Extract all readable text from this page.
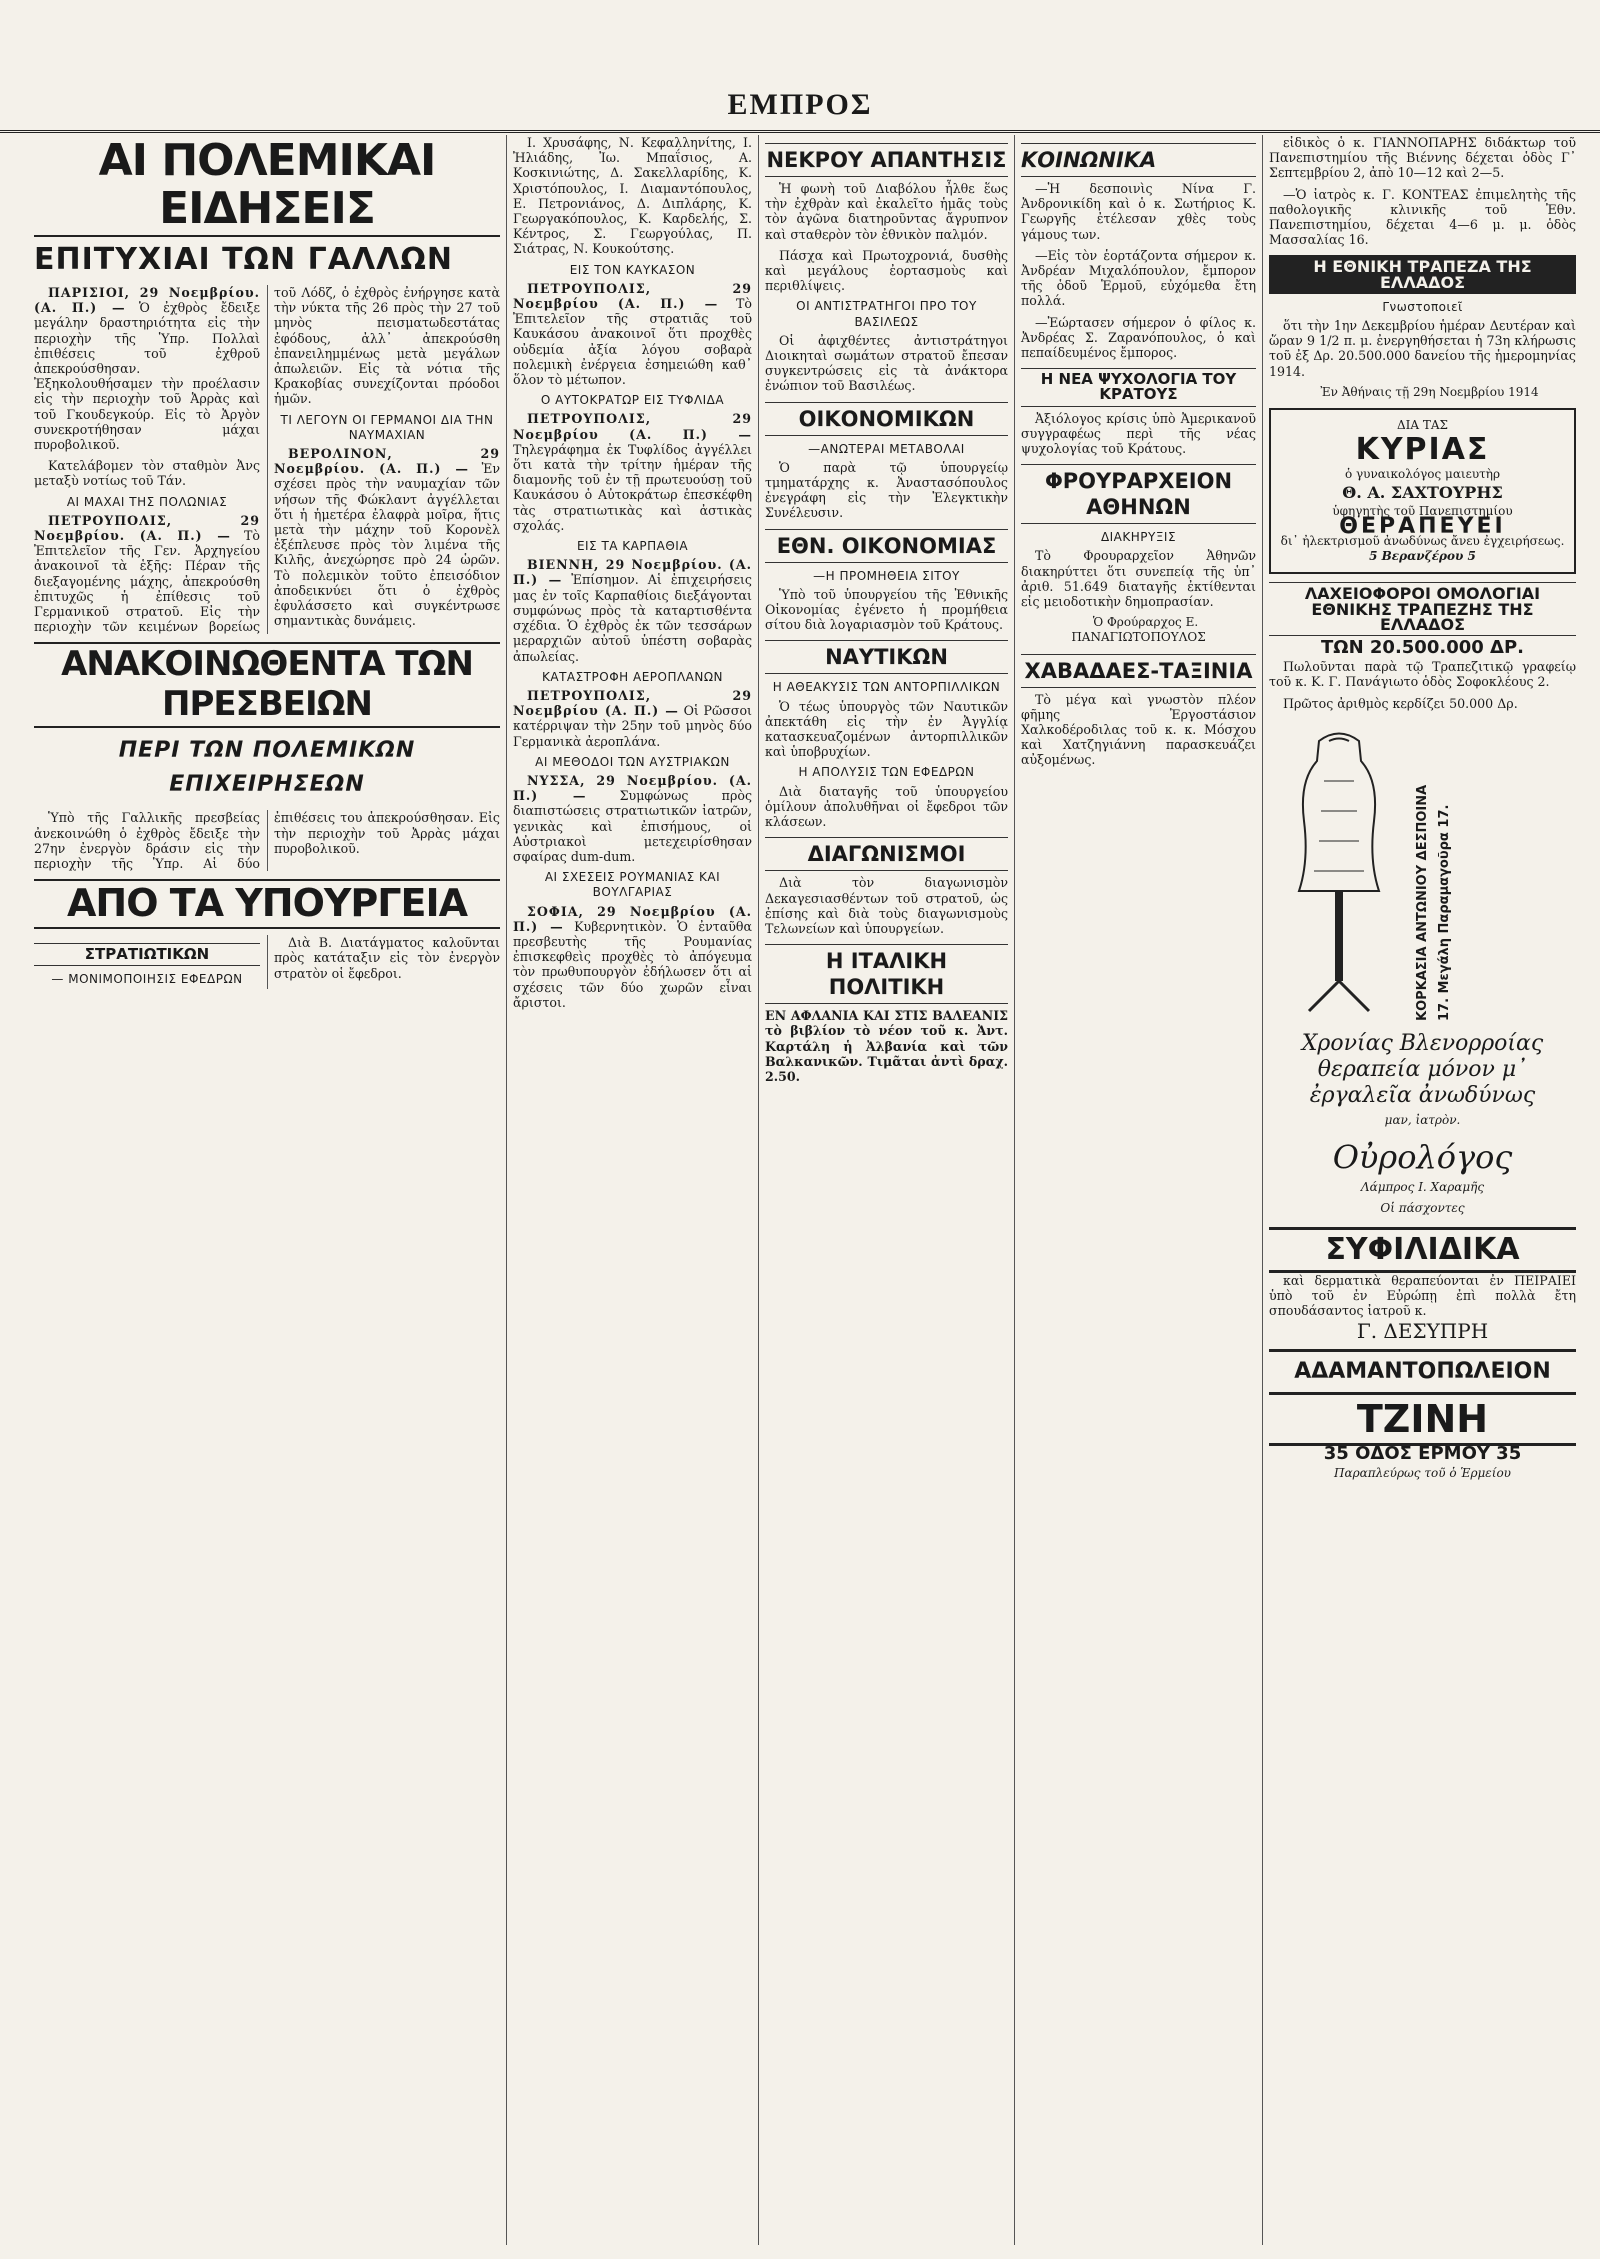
ΕΜΠΡΟΣ
ΑΙ ΠΟΛΕΜΙΚΑΙ ΕΙΔΗΣΕΙΣ
ΕΠΙΤΥΧΙΑΙ ΤΩΝ ΓΑΛΛΩΝ

ΠΑΡΙΣΙΟΙ, 29 Νοεμβρίου. (Α. Π.) — Ὁ ἐχθρὸς ἔδειξε μεγάλην δραστηριότητα εἰς τὴν περιοχὴν τῆς Ὑπρ. Πολλαὶ ἐπιθέσεις τοῦ ἐχθροῦ ἀπεκρούσθησαν. Ἐξηκολουθήσαμεν τὴν προέλασιν εἰς τὴν περιοχὴν τοῦ Ἀρρὰς καὶ τοῦ Γκουδεγκούρ. Εἰς τὸ Ἀργὸν συνεκροτήθησαν μάχαι πυροβολικοῦ.

Κατελάβομεν τὸν σταθμὸν Ἀνς μεταξὺ νοτίως τοῦ Τάν.

ΑΙ ΜΑΧΑΙ ΤΗΣ ΠΟΛΩΝΙΑΣ

ΠΕΤΡΟΥΠΟΛΙΣ, 29 Νοεμβρίου. (Α. Π.) — Τὸ Ἐπιτελεῖον τῆς Γεν. Ἀρχηγείου ἀνακοινοῖ τὰ ἑξῆς: Πέραν τῆς διεξαγομένης μάχης, ἀπεκρούσθη ἐπιτυχῶς ἡ ἐπίθεσις τοῦ Γερμανικοῦ στρατοῦ. Εἰς τὴν περιοχὴν τῶν κειμένων βορείως τοῦ Λόδζ, ὁ ἐχθρὸς ἐνήργησε κατὰ τὴν νύκτα τῆς 26 πρὸς τὴν 27 τοῦ μηνὸς πεισματωδεστάτας ἐφόδους, ἀλλ᾽ ἀπεκρούσθη ἐπανειλημμένως μετὰ μεγάλων ἀπωλειῶν. Εἰς τὰ νότια τῆς Κρακοβίας συνεχίζονται πρόοδοι ἡμῶν.

ΤΙ ΛΕΓΟΥΝ ΟΙ ΓΕΡΜΑΝΟΙ ΔΙΑ ΤΗΝ ΝΑΥΜΑΧΙΑΝ

ΒΕΡΟΛΙΝΟΝ, 29 Νοεμβρίου. (Α. Π.) — Ἐν σχέσει πρὸς τὴν ναυμαχίαν τῶν νήσων τῆς Φώκλαντ ἀγγέλλεται ὅτι ἡ ἡμετέρα ἐλαφρὰ μοῖρα, ἥτις μετὰ τὴν μάχην τοῦ Κορονὲλ ἐξέπλευσε πρὸς τὸν λιμένα τῆς Κιλῆς, ἀνεχώρησε πρὸ 24 ὡρῶν. Τὸ πολεμικὸν τοῦτο ἐπεισόδιον ἀποδεικνύει ὅτι ὁ ἐχθρὸς ἐφυλάσσετο καὶ συγκέντρωσε σημαντικὰς δυνάμεις.

ΑΝΑΚΟΙΝΩΘΕΝΤΑ ΤΩΝ ΠΡΕΣΒΕΙΩΝ
ΠΕΡΙ ΤΩΝ ΠΟΛΕΜΙΚΩΝ ΕΠΙΧΕΙΡΗΣΕΩΝ

Ὑπὸ τῆς Γαλλικῆς πρεσβείας ἀνεκοινώθη ὁ ἐχθρὸς ἔδειξε τὴν 27ην ἐνεργὸν δράσιν εἰς τὴν περιοχὴν τῆς Ὑπρ. Αἱ δύο ἐπιθέσεις του ἀπεκρούσθησαν. Εἰς τὴν περιοχὴν τοῦ Ἀρρὰς μάχαι πυροβολικοῦ.

ΑΠΟ ΤΑ ΥΠΟΥΡΓΕΙΑ
ΣΤΡΑΤΙΩΤΙΚΩΝ
— ΜΟΝΙΜΟΠΟΙΗΣΙΣ ΕΦΕΔΡΩΝ

Διὰ Β. Διατάγματος καλοῦνται πρὸς κατάταξιν εἰς τὸν ἐνεργὸν στρατὸν οἱ ἔφεδροι.

Ι. Χρυσάφης, Ν. Κεφαλληνίτης, Ι. Ἠλιάδης, Ἰω. Μπαΐσιος, Α. Κοσκινιώτης, Δ. Σακελλαρίδης, Κ. Χριστόπουλος, Ι. Διαμαντόπουλος, Ε. Πετρονιάνος, Δ. Διπλάρης, Κ. Γεωργακόπουλος, Κ. Καρδελής, Σ. Κέντρος, Σ. Γεωργούλας, Π. Σιάτρας, Ν. Κουκούτσης.

ΕΙΣ ΤΟΝ ΚΑΥΚΑΣΟΝ

ΠΕΤΡΟΥΠΟΛΙΣ, 29 Νοεμβρίου (Α. Π.) — Τὸ Ἐπιτελεῖον τῆς στρατιᾶς τοῦ Καυκάσου ἀνακοινοῖ ὅτι προχθὲς οὐδεμία ἀξία λόγου σοβαρὰ πολεμικὴ ἐνέργεια ἐσημειώθη καθ᾽ ὅλον τὸ μέτωπον.

Ο ΑΥΤΟΚΡΑΤΩΡ ΕΙΣ ΤΥΦΛΙΔΑ

ΠΕΤΡΟΥΠΟΛΙΣ, 29 Νοεμβρίου (Α. Π.) — Τηλεγράφημα ἐκ Τυφλίδος ἀγγέλλει ὅτι κατὰ τὴν τρίτην ἡμέραν τῆς διαμονῆς τοῦ ἐν τῇ πρωτευούσῃ τοῦ Καυκάσου ὁ Αὐτοκράτωρ ἐπεσκέφθη τὰς στρατιωτικὰς καὶ ἀστικὰς σχολάς.

ΕΙΣ ΤΑ ΚΑΡΠΑΘΙΑ

ΒΙΕΝΝΗ, 29 Νοεμβρίου. (Α. Π.) — Ἐπίσημον. Αἱ ἐπιχειρήσεις μας ἐν τοῖς Καρπαθίοις διεξάγονται συμφώνως πρὸς τὰ καταρτισθέντα σχέδια. Ὁ ἐχθρὸς ἐκ τῶν τεσσάρων μεραρχιῶν αὐτοῦ ὑπέστη σοβαρὰς ἀπωλείας.

ΚΑΤΑΣΤΡΟΦΗ ΑΕΡΟΠΛΑΝΩΝ

ΠΕΤΡΟΥΠΟΛΙΣ, 29 Νοεμβρίου (Α. Π.) — Οἱ Ρῶσσοι κατέρριψαν τὴν 25ην τοῦ μηνὸς δύο Γερμανικὰ ἀεροπλάνα.

ΑΙ ΜΕΘΟΔΟΙ ΤΩΝ ΑΥΣΤΡΙΑΚΩΝ

ΝΥΣΣΑ, 29 Νοεμβρίου. (Α. Π.) —	Συμφώνως πρὸς διαπιστώσεις στρατιωτικῶν ἰατρῶν, γενικὰς καὶ ἐπισήμους, οἱ Αὐστριακοὶ μετεχειρίσθησαν σφαίρας dum-dum.

ΑΙ ΣΧΕΣΕΙΣ ΡΟΥΜΑΝΙΑΣ ΚΑΙ ΒΟΥΛΓΑΡΙΑΣ

ΣΟΦΙΑ, 29 Νοεμβρίου (Α. Π.) — Κυβερνητικὸν. Ὁ ἐνταῦθα πρεσβευτὴς τῆς Ρουμανίας ἐπισκεφθεὶς προχθὲς τὸ ἀπόγευμα τὸν πρωθυπουργὸν ἐδήλωσεν ὅτι αἱ σχέσεις τῶν δύο χωρῶν εἶναι ἄριστοι.

ΝΕΚΡΟΥ ΑΠΑΝΤΗΣΙΣ

Ἡ φωνὴ τοῦ Διαβόλου ἦλθε ἕως τὴν ἐχθρὰν καὶ ἐκαλεῖτο ἡμᾶς τοὺς τὸν ἀγῶνα διατηροῦντας ἄγρυπνον καὶ σταθερὸν τὸν ἐθνικὸν παλμόν.

Πάσχα καὶ Πρωτοχρονιά, δυσθὴς καὶ μεγάλους ἐορτασμοὺς καὶ περιθλίψεις.

ΟΙ ΑΝΤΙΣΤΡΑΤΗΓΟΙ ΠΡΟ ΤΟΥ ΒΑΣΙΛΕΩΣ

Οἱ ἀφιχθέντες ἀντιστράτηγοι Διοικηταὶ σωμάτων στρατοῦ ἔπεσαν συγκεντρώσεις εἰς τὰ ἀνάκτορα ἐνώπιον τοῦ Βασιλέως.

ΟΙΚΟΝΟΜΙΚΩΝ
—ΑΝΩΤΕΡΑΙ ΜΕΤΑΒΟΛΑΙ

Ὁ παρὰ τῷ ὑπουργείῳ τμηματάρχης κ. Ἀναστασόπουλος ἐνεγράφη εἰς τὴν Ἐλεγκτικὴν Συνέλευσιν.

ΕΘΝ. ΟΙΚΟΝΟΜΙΑΣ
—Η ΠΡΟΜΗΘΕΙΑ ΣΙΤΟΥ

Ὑπὸ τοῦ ὑπουργείου τῆς Ἐθνικῆς Οἰκονομίας ἐγένετο ἡ προμήθεια σίτου διὰ λογαριασμὸν τοῦ Κράτους.

ΝΑΥΤΙΚΩΝ
Η ΑΘΕΑΚΥΣΙΣ ΤΩΝ ΑΝΤΟΡΠΙΛΛΙΚΩΝ

Ὁ τέως ὑπουργὸς τῶν Ναυτικῶν ἀπεκτάθη εἰς τὴν ἐν Ἀγγλίᾳ κατασκευαζομένων ἀντορπιλλικῶν καὶ ὑποβρυχίων.

Η ΑΠΟΛΥΣΙΣ ΤΩΝ ΕΦΕΔΡΩΝ

Διὰ διαταγῆς τοῦ ὑπουργείου ὁμίλουν ἀπολυθῆναι οἱ ἔφεδροι τῶν κλάσεων.

ΔΙΑΓΩΝΙΣΜΟΙ

Διὰ τὸν διαγωνισμὸν Δεκαγεσιασθέντων τοῦ στρατοῦ, ὡς ἐπίσης καὶ διὰ τοὺς διαγωνισμοὺς Τελωνείων καὶ ὑπουργείων.

Η ΙΤΑΛΙΚΗ ΠΟΛΙΤΙΚΗ

ΕΝ ΑΦΛΑΝΙΑ ΚΑΙ ΣΤΙΣ ΒΑΛΕΑΝΙΣ τὸ βιβλίον τὸ νέον τοῦ κ. Ἀντ. Καρτάλη ἡ Ἀλβανία καὶ τῶν Βαλκανικῶν. Τιμᾶται ἀντὶ δραχ. 2.50.

ΚΟΙΝΩΝΙΚΑ

—Ἡ δεσποινὶς Νίνα Γ. Ἀνδρονικίδη καὶ ὁ κ. Σωτήριος Κ. Γεωργῆς ἐτέλεσαν χθὲς τοὺς γάμους των.

—Εἰς τὸν ἑορτάζοντα σήμερον κ. Ἀνδρέαν Μιχαλόπουλον, ἔμπορον τῆς ὁδοῦ Ἑρμοῦ, εὐχόμεθα ἔτη πολλά.

—Ἐώρτασεν σήμερον ὁ φίλος κ. Ἀνδρέας Σ. Ζαρανόπουλος, ὁ καὶ πεπαίδευμένος ἔμπορος.

Η ΝΕΑ ΨΥΧΟΛΟΓΙΑ ΤΟΥ ΚΡΑΤΟΥΣ

Ἀξιόλογος κρίσις ὑπὸ Ἀμερικανοῦ συγγραφέως περὶ τῆς νέας ψυχολογίας τοῦ Κράτους.

ΦΡΟΥΡΑΡΧΕΙΟΝ ΑΘΗΝΩΝ
ΔΙΑΚΗΡΥΞΙΣ

Τὸ Φρουραρχεῖον Ἀθηνῶν διακηρύττει ὅτι συνεπείᾳ τῆς ὑπ᾽ ἀριθ. 51.649 διαταγῆς ἐκτίθενται εἰς μειοδοτικὴν δημοπρασίαν.

Ὁ Φρούραρχος Ε. ΠΑΝΑΓΙΩΤΟΠΟΥΛΟΣ

ΧΑΒΑΔΑΕΣ-ΤΑΞΙΝΙΑ

Τὸ μέγα καὶ γνωστὸν πλέον φῆμης Ἐργοστάσιον Χαλκοδέροδιλας τοῦ κ. κ. Μόσχου καὶ Χατζηγιάννη παρασκευάζει αὐξομένως.

εἰδικὸς ὁ κ. ΓΙΑΝΝΟΠΑΡΗΣ διδάκτωρ τοῦ Πανεπιστημίου τῆς Βιέννης δέχεται ὁδὸς Γ᾽ Σεπτεμβρίου 2, ἀπὸ 10—12 καὶ 2—5.

—Ὁ ἰατρὸς κ. Γ. ΚΟΝΤΕΑΣ ἐπιμελητὴς τῆς παθολογικῆς κλινικῆς τοῦ Ἐθν. Πανεπιστημίου, δέχεται 4—6 μ. μ. ὁδὸς Μασσαλίας 16.

Η ΕΘΝΙΚΗ ΤΡΑΠΕΖΑ ΤΗΣ ΕΛΛΑΔΟΣ
Γνωστοποιεῖ

ὅτι τὴν 1ην Δεκεμβρίου ἡμέραν Δευτέραν καὶ ὥραν 9 1/2 π. μ. ἐνεργηθήσεται ἡ 73η κλήρωσις τοῦ ἐξ Δρ. 20.500.000 δανείου τῆς ἡμερομηνίας 1914.

Ἐν Ἀθήναις τῇ 29η Νοεμβρίου 1914

ΔΙΑ ΤΑΣ
ΚΥΡΙΑΣ
ὁ γυναικολόγος μαιευτὴρ
Θ. Α. ΣΑΧΤΟΥΡΗΣ
ὑφηγητὴς τοῦ Πανεπιστημίου
ΘΕΡΑΠΕΥΕΙ
δι᾽ ἠλεκτρισμοῦ ἀνωδύνως ἄνευ ἐγχειρήσεως.
5 Βερανζέρου 5
ΛΑΧΕΙΟΦΟΡΟΙ ΟΜΟΛΟΓΙΑΙ ΕΘΝΙΚΗΣ ΤΡΑΠΕΖΗΣ ΤΗΣ ΕΛΛΑΔΟΣ
ΤΩΝ 20.500.000 ΔΡ.

Πωλοῦνται παρὰ τῷ Τραπεζιτικῷ γραφείῳ τοῦ κ. Κ. Γ. Πανάγιωτο ὁδὸς Σοφοκλέους 2.

Πρῶτος ἀριθμὸς κερδίζει 50.000 Δρ.

ΚΟΡΚΑΣΙΑ ΑΝΤΩΝΙΟΥ ΔΕΣΠΟΙΝΑ 17. Μεγάλη Παραμαγοῦρα 17.
Χρονίας Βλενορροίας θεραπεία μόνον μ᾽ ἐργαλεῖα ἀνωδύνως
μαν, ἰατρὸν.
Οὐρολόγος
Λάμπρος Ι. Χαραμῆς

Οἱ πάσχοντες

ΣΥΦΙΛΙΔΙΚΑ

καὶ δερματικὰ θεραπεύονται ἐν ΠΕΙΡΑΙΕΙ ὑπὸ τοῦ ἐν Εὐρώπῃ ἐπὶ πολλὰ ἔτη σπουδάσαντος ἰατροῦ κ.

Γ. ΔΕΣΥΠΡΗ
ΑΔΑΜΑΝΤΟΠΩΛΕΙΟΝ
ΤΖΙΝΗ
35 ΟΔΟΣ ΕΡΜΟΥ 35
Παραπλεύρως τοῦ ὁ Ἑρμείου
